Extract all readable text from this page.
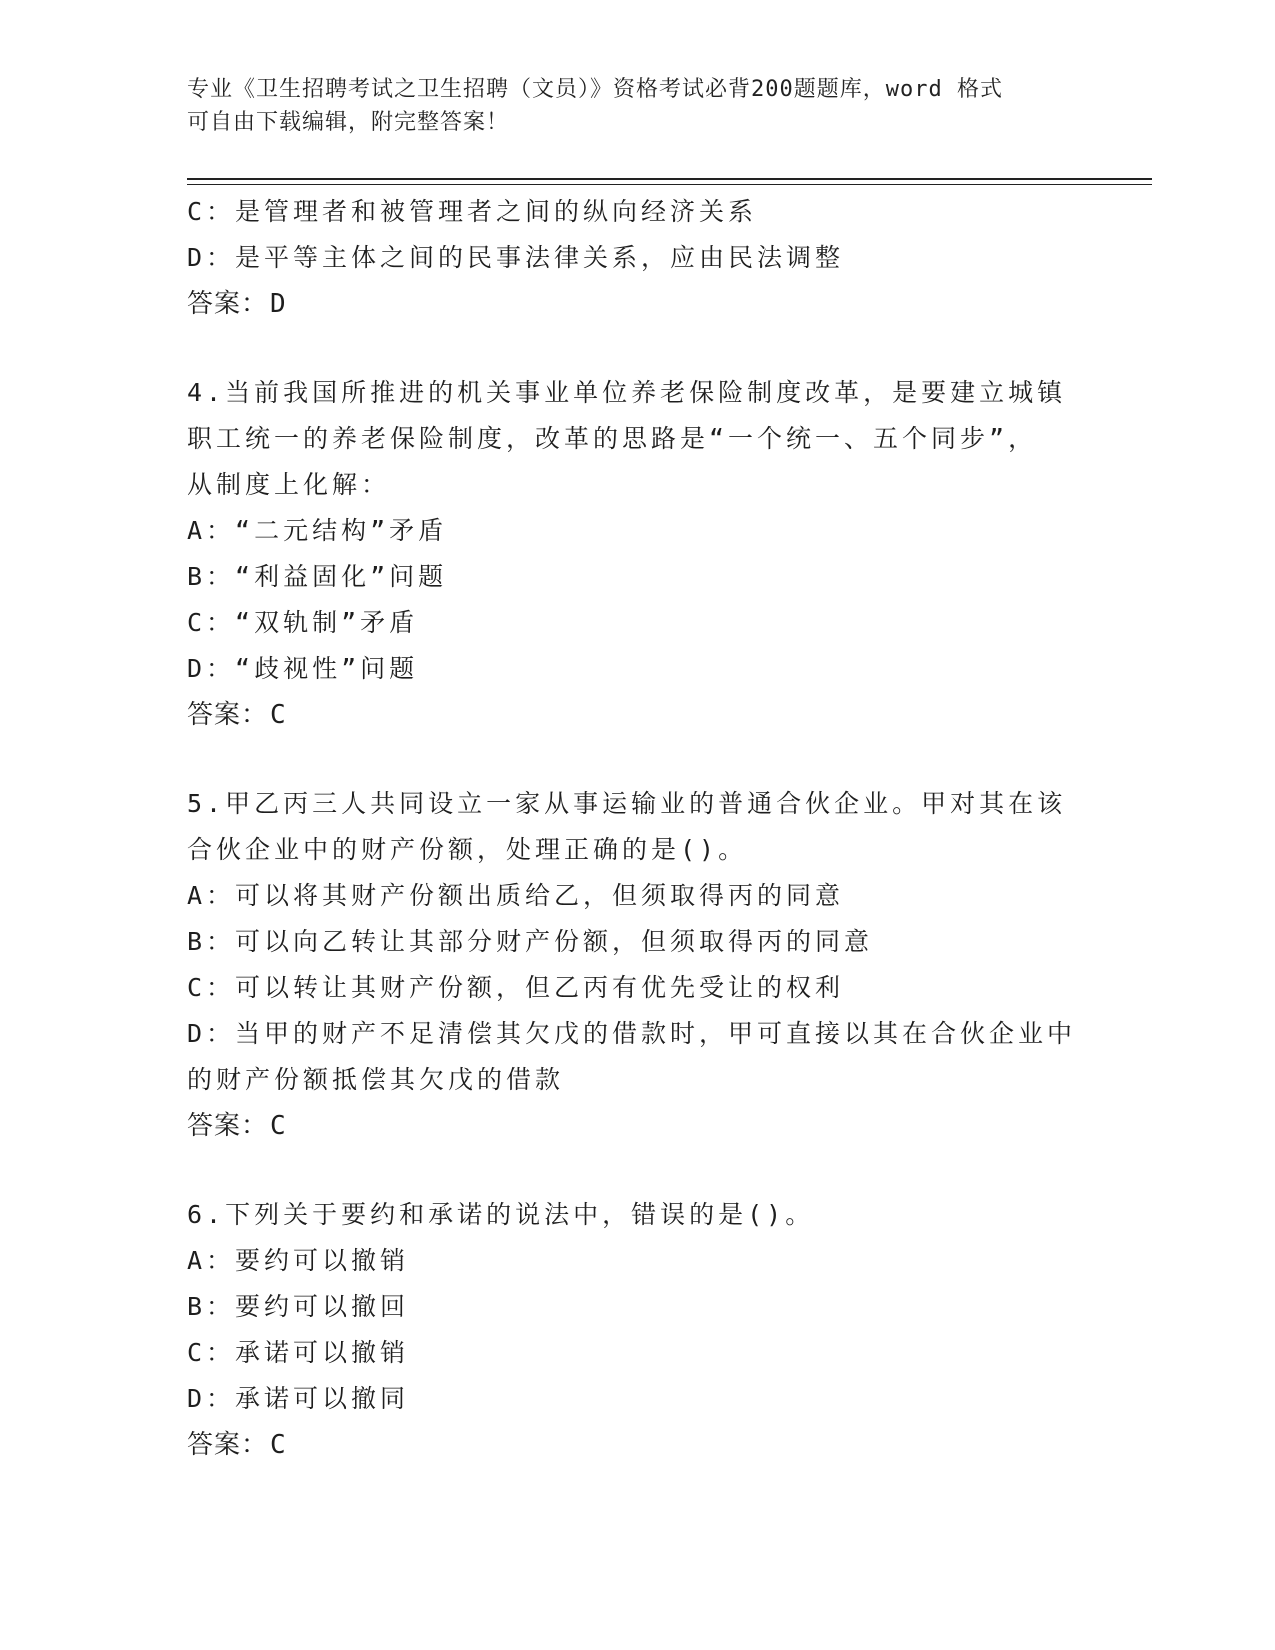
专业《卫生招聘考试之卫生招聘（文员）》资格考试必背200题题库，word 格式
可自由下载编辑，附完整答案！
C：是管理者和被管理者之间的纵向经济关系
D：是平等主体之间的民事法律关系，应由民法调整
答案：D
4.当前我国所推进的机关事业单位养老保险制度改革，是要建立城镇
职工统一的养老保险制度，改革的思路是“一个统一、五个同步”，
从制度上化解：
A：“二元结构”矛盾
B：“利益固化”问题
C：“双轨制”矛盾
D：“歧视性”问题
答案：C
5.甲乙丙三人共同设立一家从事运输业的普通合伙企业。甲对其在该
合伙企业中的财产份额，处理正确的是()。
A：可以将其财产份额出质给乙，但须取得丙的同意
B：可以向乙转让其部分财产份额，但须取得丙的同意
C：可以转让其财产份额，但乙丙有优先受让的权利
D：当甲的财产不足清偿其欠戊的借款时，甲可直接以其在合伙企业中
的财产份额抵偿其欠戊的借款
答案：C
6.下列关于要约和承诺的说法中，错误的是()。
A：要约可以撤销
B：要约可以撤回
C：承诺可以撤销
D：承诺可以撤同
答案：C
